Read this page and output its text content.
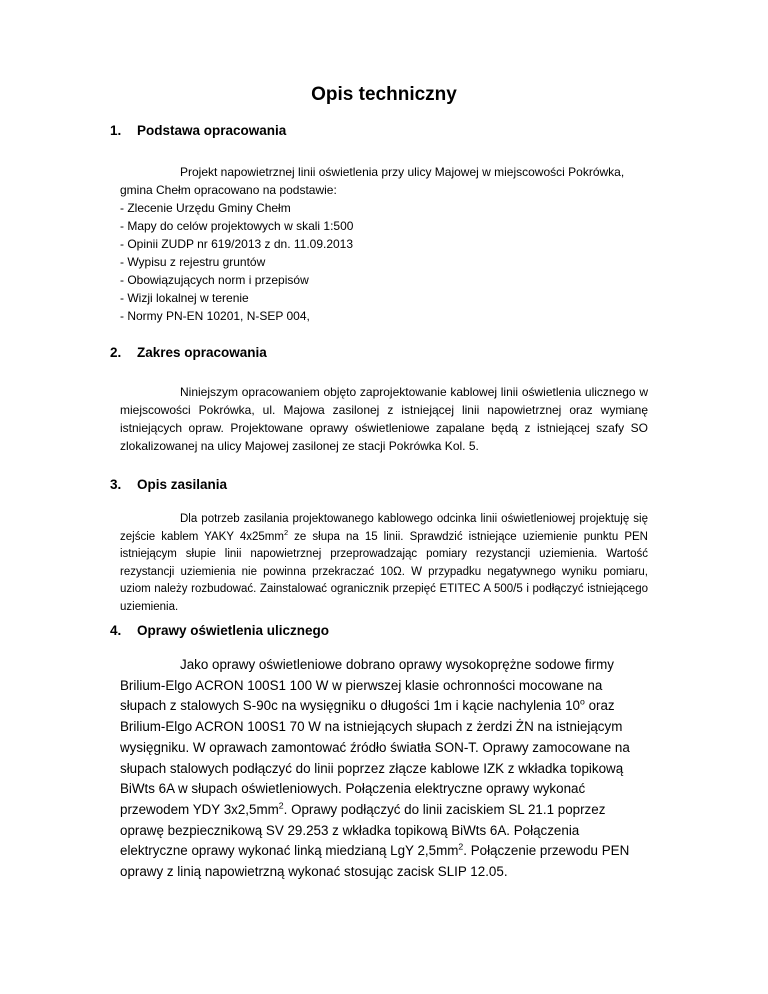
Opis techniczny
1. Podstawa opracowania

Projekt napowietrznej linii oświetlenia przy ulicy Majowej w miejscowości Pokrówka, gmina Chełm opracowano na podstawie:

- Zlecenie Urzędu Gminy Chełm
- Mapy do celów projektowych w skali 1:500
- Opinii ZUDP nr 619/2013 z dn. 11.09.2013
- Wypisu z rejestru gruntów
- Obowiązujących norm i przepisów
- Wizji lokalnej w terenie
- Normy PN-EN 10201, N-SEP 004,
2. Zakres opracowania

Niniejszym opracowaniem objęto zaprojektowanie kablowej linii oświetlenia ulicznego w miejscowości Pokrówka, ul. Majowa zasilonej z istniejącej linii napowietrznej oraz wymianę istniejących opraw. Projektowane oprawy oświetleniowe zapalane będą z istniejącej szafy SO zlokalizowanej na ulicy Majowej zasilonej ze stacji Pokrówka Kol. 5.

3. Opis zasilania

Dla potrzeb zasilania projektowanego kablowego odcinka linii oświetleniowej projektuję się zejście kablem YAKY $4x25mm^2$ ze słupa na 15 linii. Sprawdzić istniejące uziemienie punktu PEN istniejącym słupie linii napowietrznej przeprowadzając pomiary rezystancji uziemienia. Wartość rezystancji uziemienia nie powinna przekraczać 10Ω. W przypadku negatywnego wyniku pomiaru, uziom należy rozbudować. Zainstalować ogranicznik przepięć ETITEC A 500/5 i podłączyć istniejącego uziemienia.

4. Oprawy oświetlenia ulicznego

Jako oprawy oświetleniowe dobrano oprawy wysokoprężne sodowe firmy Brilium-Elgo ACRON 100S1 100 W w pierwszej klasie ochronności mocowane na słupach z stalowych S-90c na wysięgniku o długości 1m i kącie nachylenia 10$^o$ oraz Brilium-Elgo ACRON 100S1 70 W na istniejących słupach z żerdzi ŻN na istniejącym wysięgniku. W oprawach zamontować źródło światła SON-T. Oprawy zamocowane na słupach stalowych podłączyć do linii poprzez złącze kablowe IZK z wkładka topikową BiWts 6A w słupach oświetleniowych. Połączenia elektryczne oprawy wykonać przewodem YDY $3x2,5mm^2$. Oprawy podłączyć do linii zaciskiem SL 21.1 poprzez oprawę bezpiecznikową SV 29.253 z wkładka topikową BiWts 6A. Połączenia elektryczne oprawy wykonać linką miedzianą LgY $2,5mm^2$. Połączenie przewodu PEN oprawy z linią napowietrzną wykonać stosując zacisk SLIP 12.05.
